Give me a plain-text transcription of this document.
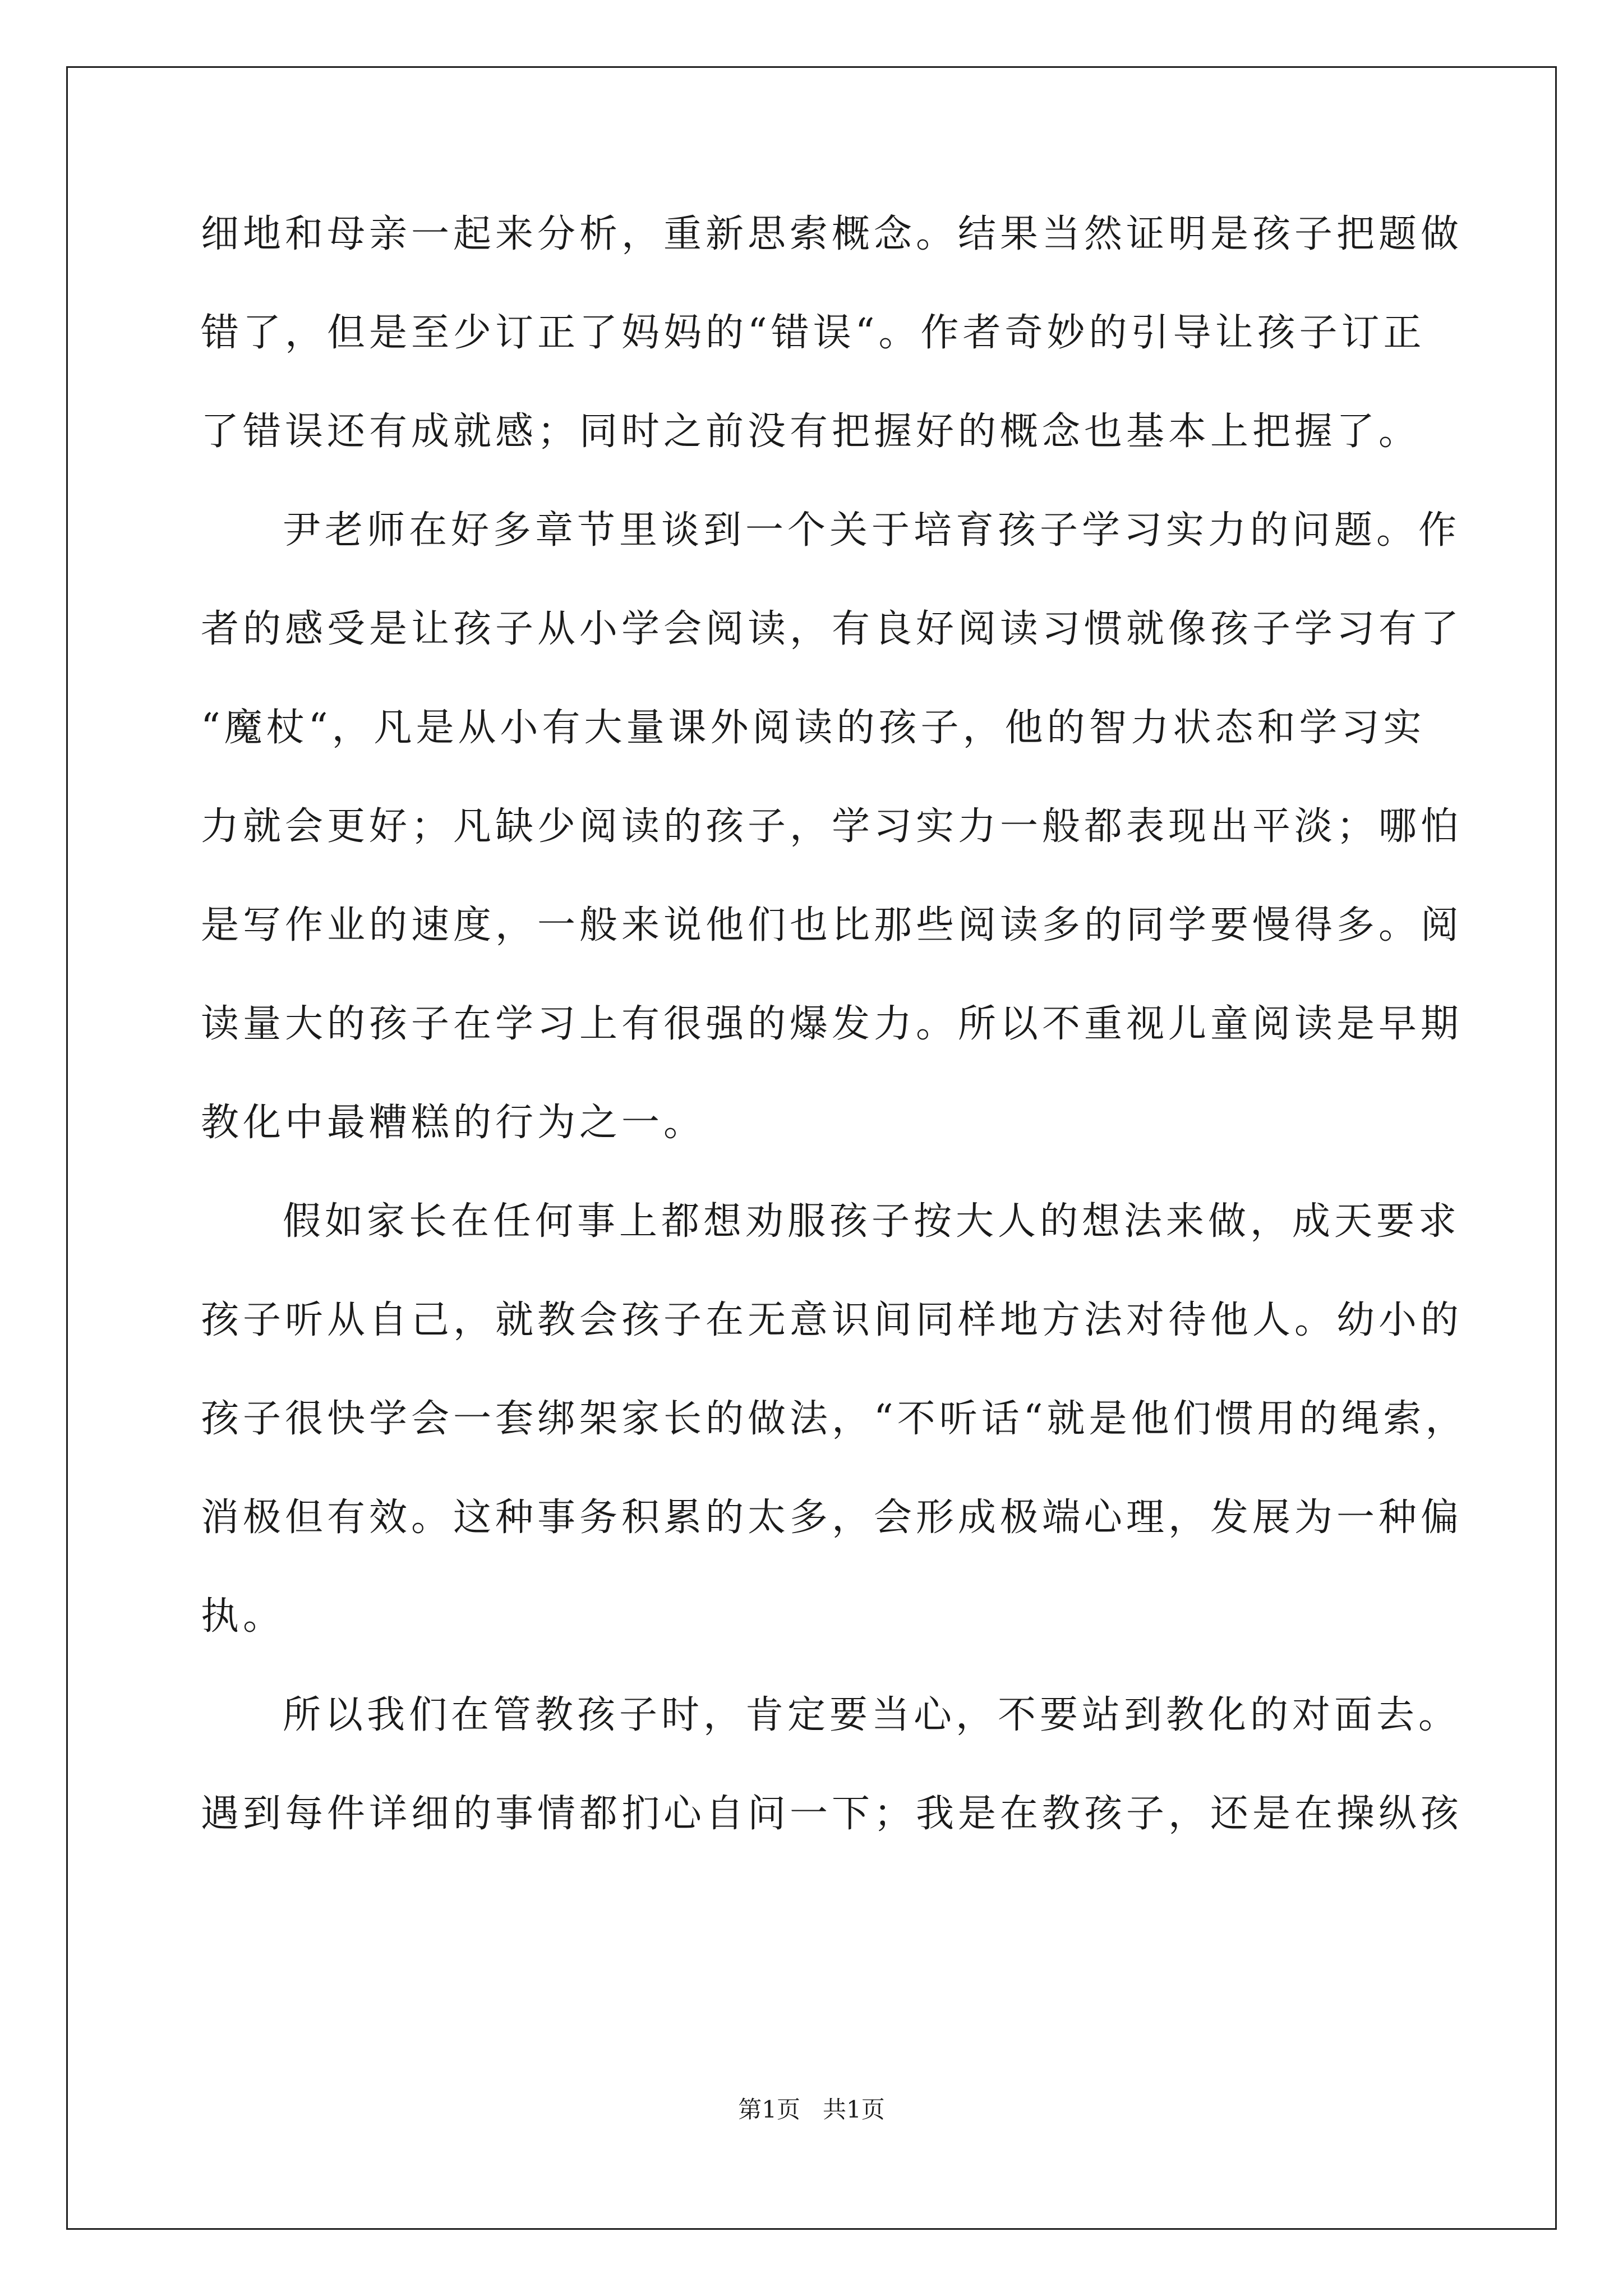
细地和母亲一起来分析，重新思索概念。结果当然证明是孩子把题做
错了，但是至少订正了妈妈的“错误“。作者奇妙的引导让孩子订正
了错误还有成就感；同时之前没有把握好的概念也基本上把握了。
尹老师在好多章节里谈到一个关于培育孩子学习实力的问题。作
者的感受是让孩子从小学会阅读，有良好阅读习惯就像孩子学习有了
“魔杖“，凡是从小有大量课外阅读的孩子，他的智力状态和学习实
力就会更好；凡缺少阅读的孩子，学习实力一般都表现出平淡；哪怕
是写作业的速度，一般来说他们也比那些阅读多的同学要慢得多。阅
读量大的孩子在学习上有很强的爆发力。所以不重视儿童阅读是早期
教化中最糟糕的行为之一。
假如家长在任何事上都想劝服孩子按大人的想法来做，成天要求
孩子听从自己，就教会孩子在无意识间同样地方法对待他人。幼小的
孩子很快学会一套绑架家长的做法，“不听话“就是他们惯用的绳索，
消极但有效。这种事务积累的太多，会形成极端心理，发展为一种偏
执。
所以我们在管教孩子时，肯定要当心，不要站到教化的对面去。
遇到每件详细的事情都扪心自问一下；我是在教孩子，还是在操纵孩
第1页   共1页
